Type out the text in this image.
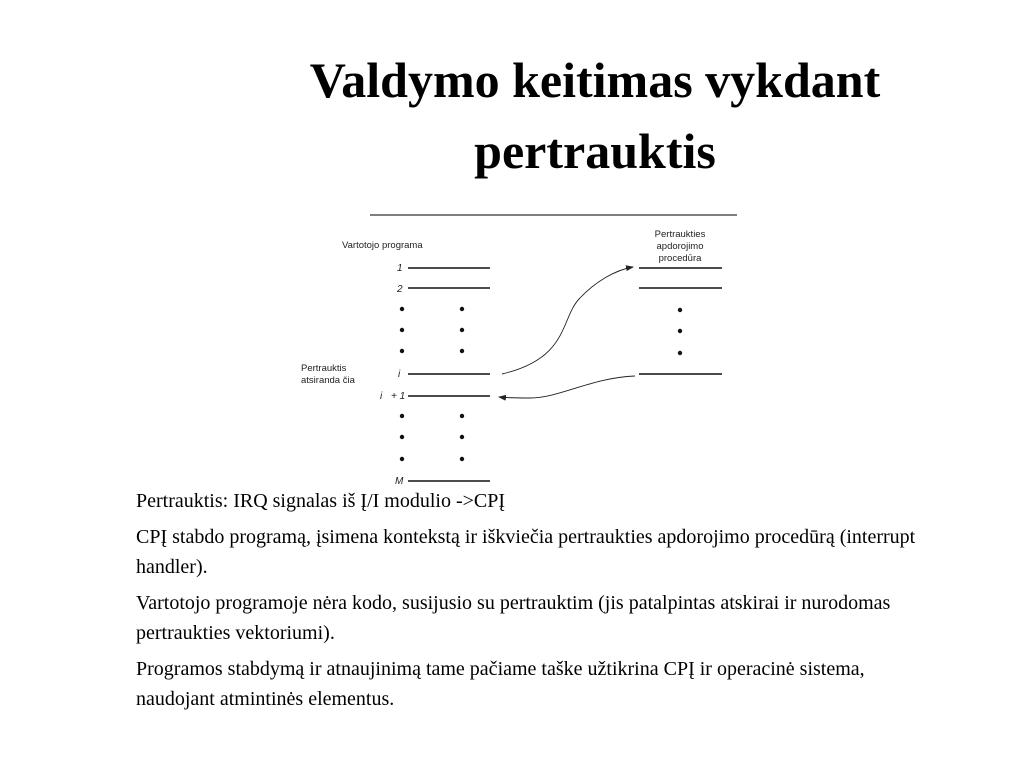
Valdymo keitimas vykdant
pertrauktis
Vartotojo programa
Pertraukties
apdorojimo
procedūra
Pertrauktis
atsiranda čia
1
2
i
i + 1
M

Pertrauktis: IRQ signalas iš Į/I modulio ->CPĮ

CPĮ stabdo programą, įsimena kontekstą ir iškviečia pertraukties apdorojimo procedūrą (interrupt handler).

Vartotojo programoje nėra kodo, susijusio su pertrauktim (jis patalpintas atskirai ir nurodomas pertraukties vektoriumi).

Programos stabdymą ir atnaujinimą tame pačiame taške užtikrina CPĮ ir operacinė sistema, naudojant atmintinės elementus.
